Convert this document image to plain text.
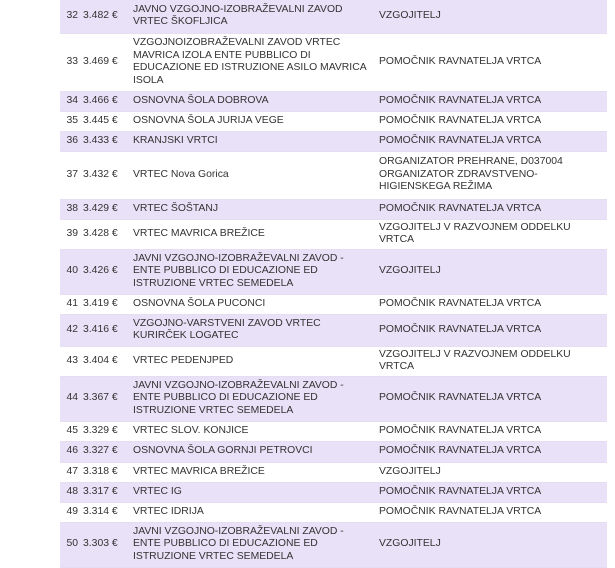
32	3.482 €	JAVNO VZGOJNO-IZOBRAŽEVALNI ZAVOD VRTEC ŠKOFLJICA	VZGOJITELJ
33	3.469 €	VZGOJNOIZOBRAŽEVALNI ZAVOD VRTEC MAVRICA IZOLA ENTE PUBBLICO DI EDUCAZIONE ED ISTRUZIONE ASILO MAVRICA ISOLA	POMOČNIK RAVNATELJA VRTCA
34	3.466 €	OSNOVNA ŠOLA DOBROVA	POMOČNIK RAVNATELJA VRTCA
35	3.445 €	OSNOVNA ŠOLA JURIJA VEGE	POMOČNIK RAVNATELJA VRTCA
36	3.433 €	KRANJSKI VRTCI	POMOČNIK RAVNATELJA VRTCA
37	3.432 €	VRTEC Nova Gorica	ORGANIZATOR PREHRANE, D037004 ORGANIZATOR ZDRAVSTVENO-HIGIENSKEGA REŽIMA
38	3.429 €	VRTEC ŠOŠTANJ	POMOČNIK RAVNATELJA VRTCA
39	3.428 €	VRTEC MAVRICA BREŽICE	VZGOJITELJ V RAZVOJNEM ODDELKU VRTCA
40	3.426 €	JAVNI VZGOJNO-IZOBRAŽEVALNI ZAVOD - ENTE PUBBLICO DI EDUCAZIONE ED ISTRUZIONE VRTEC SEMEDELA	VZGOJITELJ
41	3.419 €	OSNOVNA ŠOLA PUCONCI	POMOČNIK RAVNATELJA VRTCA
42	3.416 €	VZGOJNO-VARSTVENI ZAVOD VRTEC KURIRČEK LOGATEC	POMOČNIK RAVNATELJA VRTCA
43	3.404 €	VRTEC PEDENJPED	VZGOJITELJ V RAZVOJNEM ODDELKU VRTCA
44	3.367 €	JAVNI VZGOJNO-IZOBRAŽEVALNI ZAVOD - ENTE PUBBLICO DI EDUCAZIONE ED ISTRUZIONE VRTEC SEMEDELA	POMOČNIK RAVNATELJA VRTCA
45	3.329 €	VRTEC SLOV. KONJICE	POMOČNIK RAVNATELJA VRTCA
46	3.327 €	OSNOVNA ŠOLA GORNJI PETROVCI	POMOČNIK RAVNATELJA VRTCA
47	3.318 €	VRTEC MAVRICA BREŽICE	VZGOJITELJ
48	3.317 €	VRTEC IG	POMOČNIK RAVNATELJA VRTCA
49	3.314 €	VRTEC IDRIJA	POMOČNIK RAVNATELJA VRTCA
50	3.303 €	JAVNI VZGOJNO-IZOBRAŽEVALNI ZAVOD - ENTE PUBBLICO DI EDUCAZIONE ED ISTRUZIONE VRTEC SEMEDELA	VZGOJITELJ
